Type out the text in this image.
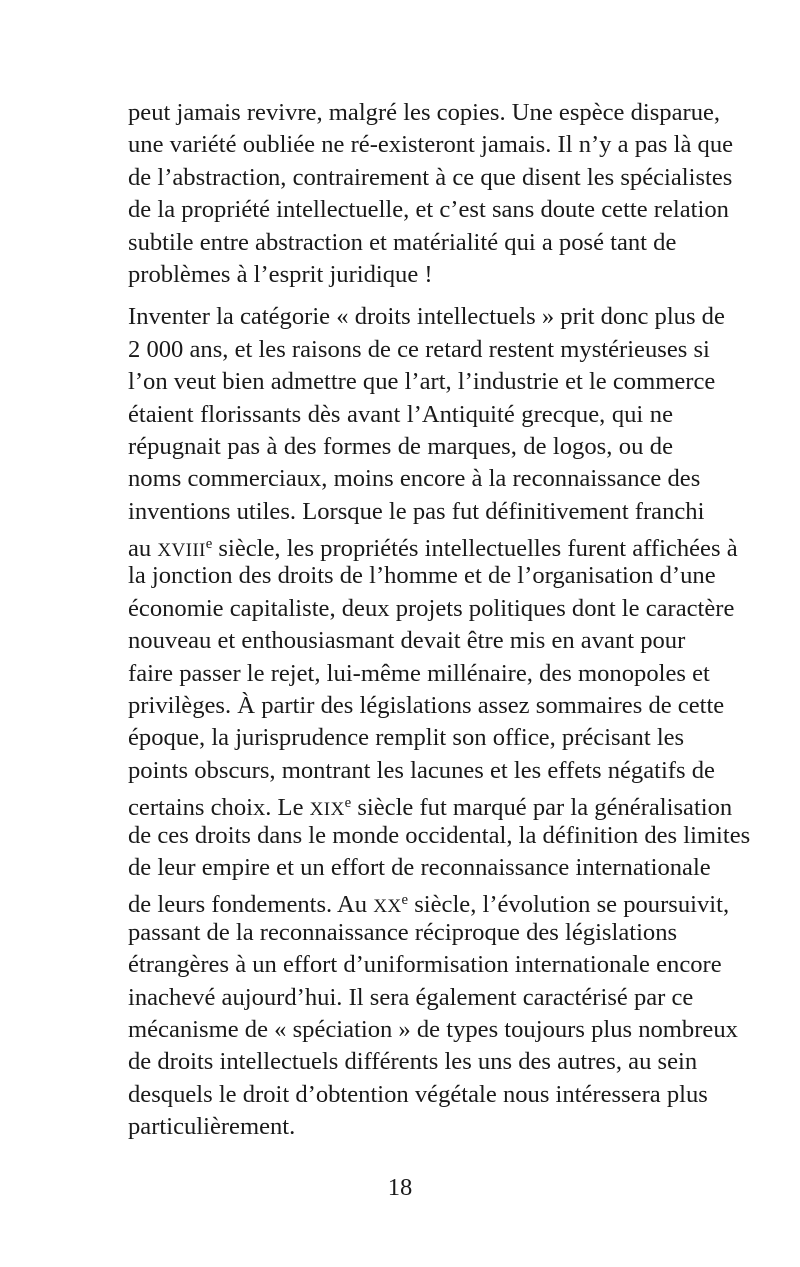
peut jamais revivre, malgré les copies. Une espèce disparue,
une variété oubliée ne ré-existeront jamais. Il n’y a pas là que
de l’abstraction, contrairement à ce que disent les spécialistes
de la propriété intellectuelle, et c’est sans doute cette relation
subtile entre abstraction et matérialité qui a posé tant de
problèmes à l’esprit juridique !
Inventer la catégorie « droits intellectuels » prit donc plus de
2 000 ans, et les raisons de ce retard restent mystérieuses si
l’on veut bien admettre que l’art, l’industrie et le commerce
étaient florissants dès avant l’Antiquité grecque, qui ne
répugnait pas à des formes de marques, de logos, ou de
noms commerciaux, moins encore à la reconnaissance des
inventions utiles. Lorsque le pas fut définitivement franchi
au XVIIIe siècle, les propriétés intellectuelles furent affichées à
la jonction des droits de l’homme et de l’organisation d’une
économie capitaliste, deux projets politiques dont le caractère
nouveau et enthousiasmant devait être mis en avant pour
faire passer le rejet, lui-même millénaire, des monopoles et
privilèges. À partir des législations assez sommaires de cette
époque, la jurisprudence remplit son office, précisant les
points obscurs, montrant les lacunes et les effets négatifs de
certains choix. Le XIXe siècle fut marqué par la généralisation
de ces droits dans le monde occidental, la définition des limites
de leur empire et un effort de reconnaissance internationale
de leurs fondements. Au XXe siècle, l’évolution se poursuivit,
passant de la reconnaissance réciproque des législations
étrangères à un effort d’uniformisation internationale encore
inachevé aujourd’hui. Il sera également caractérisé par ce
mécanisme de « spéciation » de types toujours plus nombreux
de droits intellectuels différents les uns des autres, au sein
desquels le droit d’obtention végétale nous intéressera plus
particulièrement.
18
